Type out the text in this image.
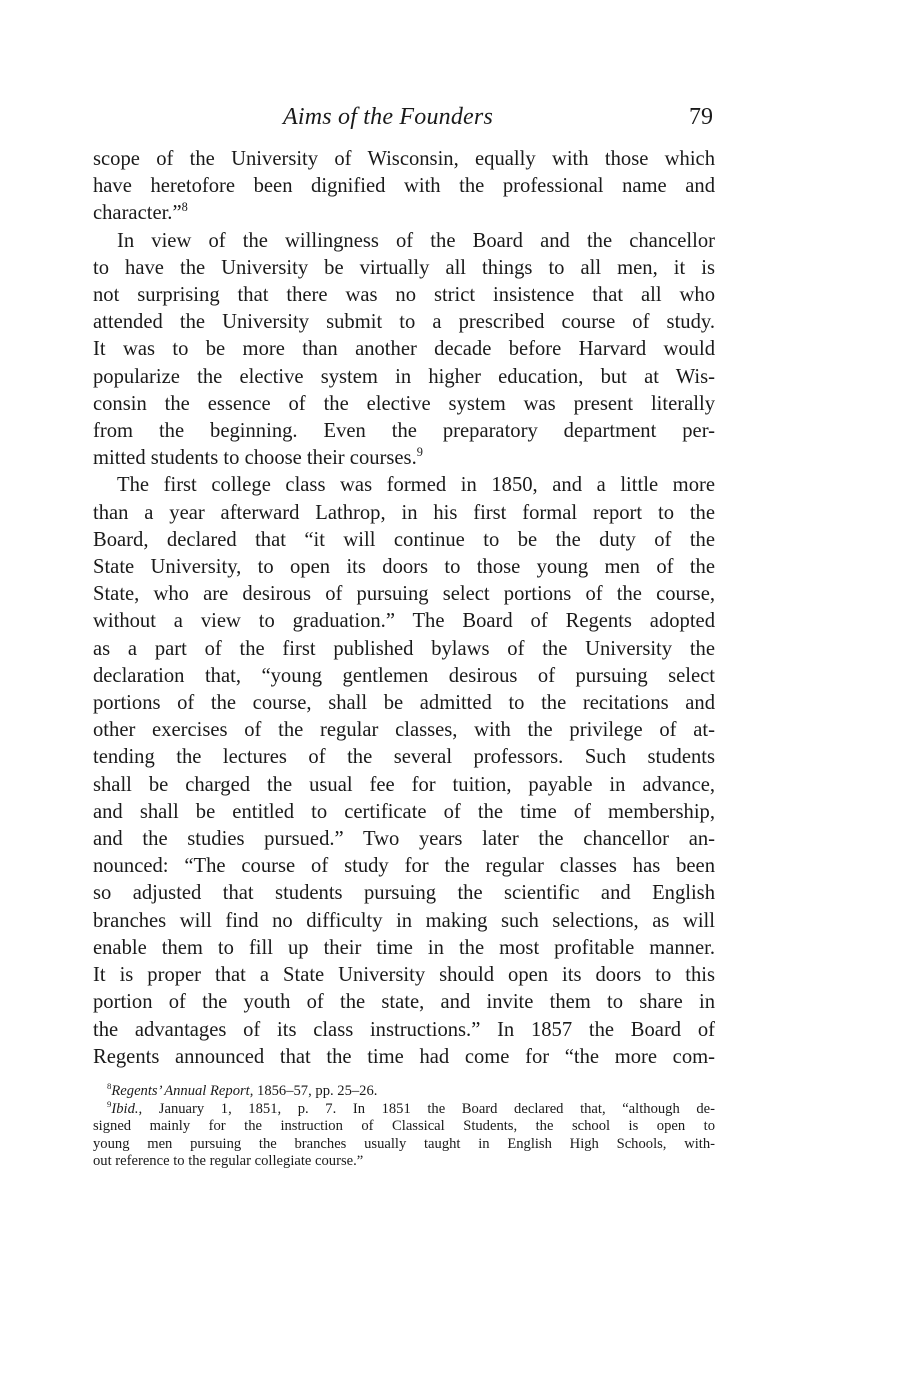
Aims of the Founders	79
scope of the University of Wisconsin, equally with those which
have heretofore been dignified with the professional name and
character.”$^8$
In view of the willingness of the Board and the chancellor
to have the University be virtually all things to all men, it is
not surprising that there was no strict insistence that all who
attended the University submit to a prescribed course of study.
It was to be more than another decade before Harvard would
popularize the elective system in higher education, but at Wis-
consin the essence of the elective system was present literally
from the beginning. Even the preparatory department per-
mitted students to choose their courses.$^9$
The first college class was formed in 1850, and a little more
than a year afterward Lathrop, in his first formal report to the
Board, declared that “it will continue to be the duty of the
State University, to open its doors to those young men of the
State, who are desirous of pursuing select portions of the course,
without a view to graduation.” The Board of Regents adopted
as a part of the first published bylaws of the University the
declaration that, “young gentlemen desirous of pursuing select
portions of the course, shall be admitted to the recitations and
other exercises of the regular classes, with the privilege of at-
tending the lectures of the several professors. Such students
shall be charged the usual fee for tuition, payable in advance,
and shall be entitled to certificate of the time of membership,
and the studies pursued.” Two years later the chancellor an-
nounced: “The course of study for the regular classes has been
so adjusted that students pursuing the scientific and English
branches will find no difficulty in making such selections, as will
enable them to fill up their time in the most profitable manner.
It is proper that a State University should open its doors to this
portion of the youth of the state, and invite them to share in
the advantages of its class instructions.” In 1857 the Board of
Regents announced that the time had come for “the more com-
$^8$Regents’ Annual Report, 1856–57, pp. 25–26.
$^9$Ibid., January 1, 1851, p. 7. In 1851 the Board declared that, “although de-
signed mainly for the instruction of Classical Students, the school is open to
young men pursuing the branches usually taught in English High Schools, with-
out reference to the regular collegiate course.”
